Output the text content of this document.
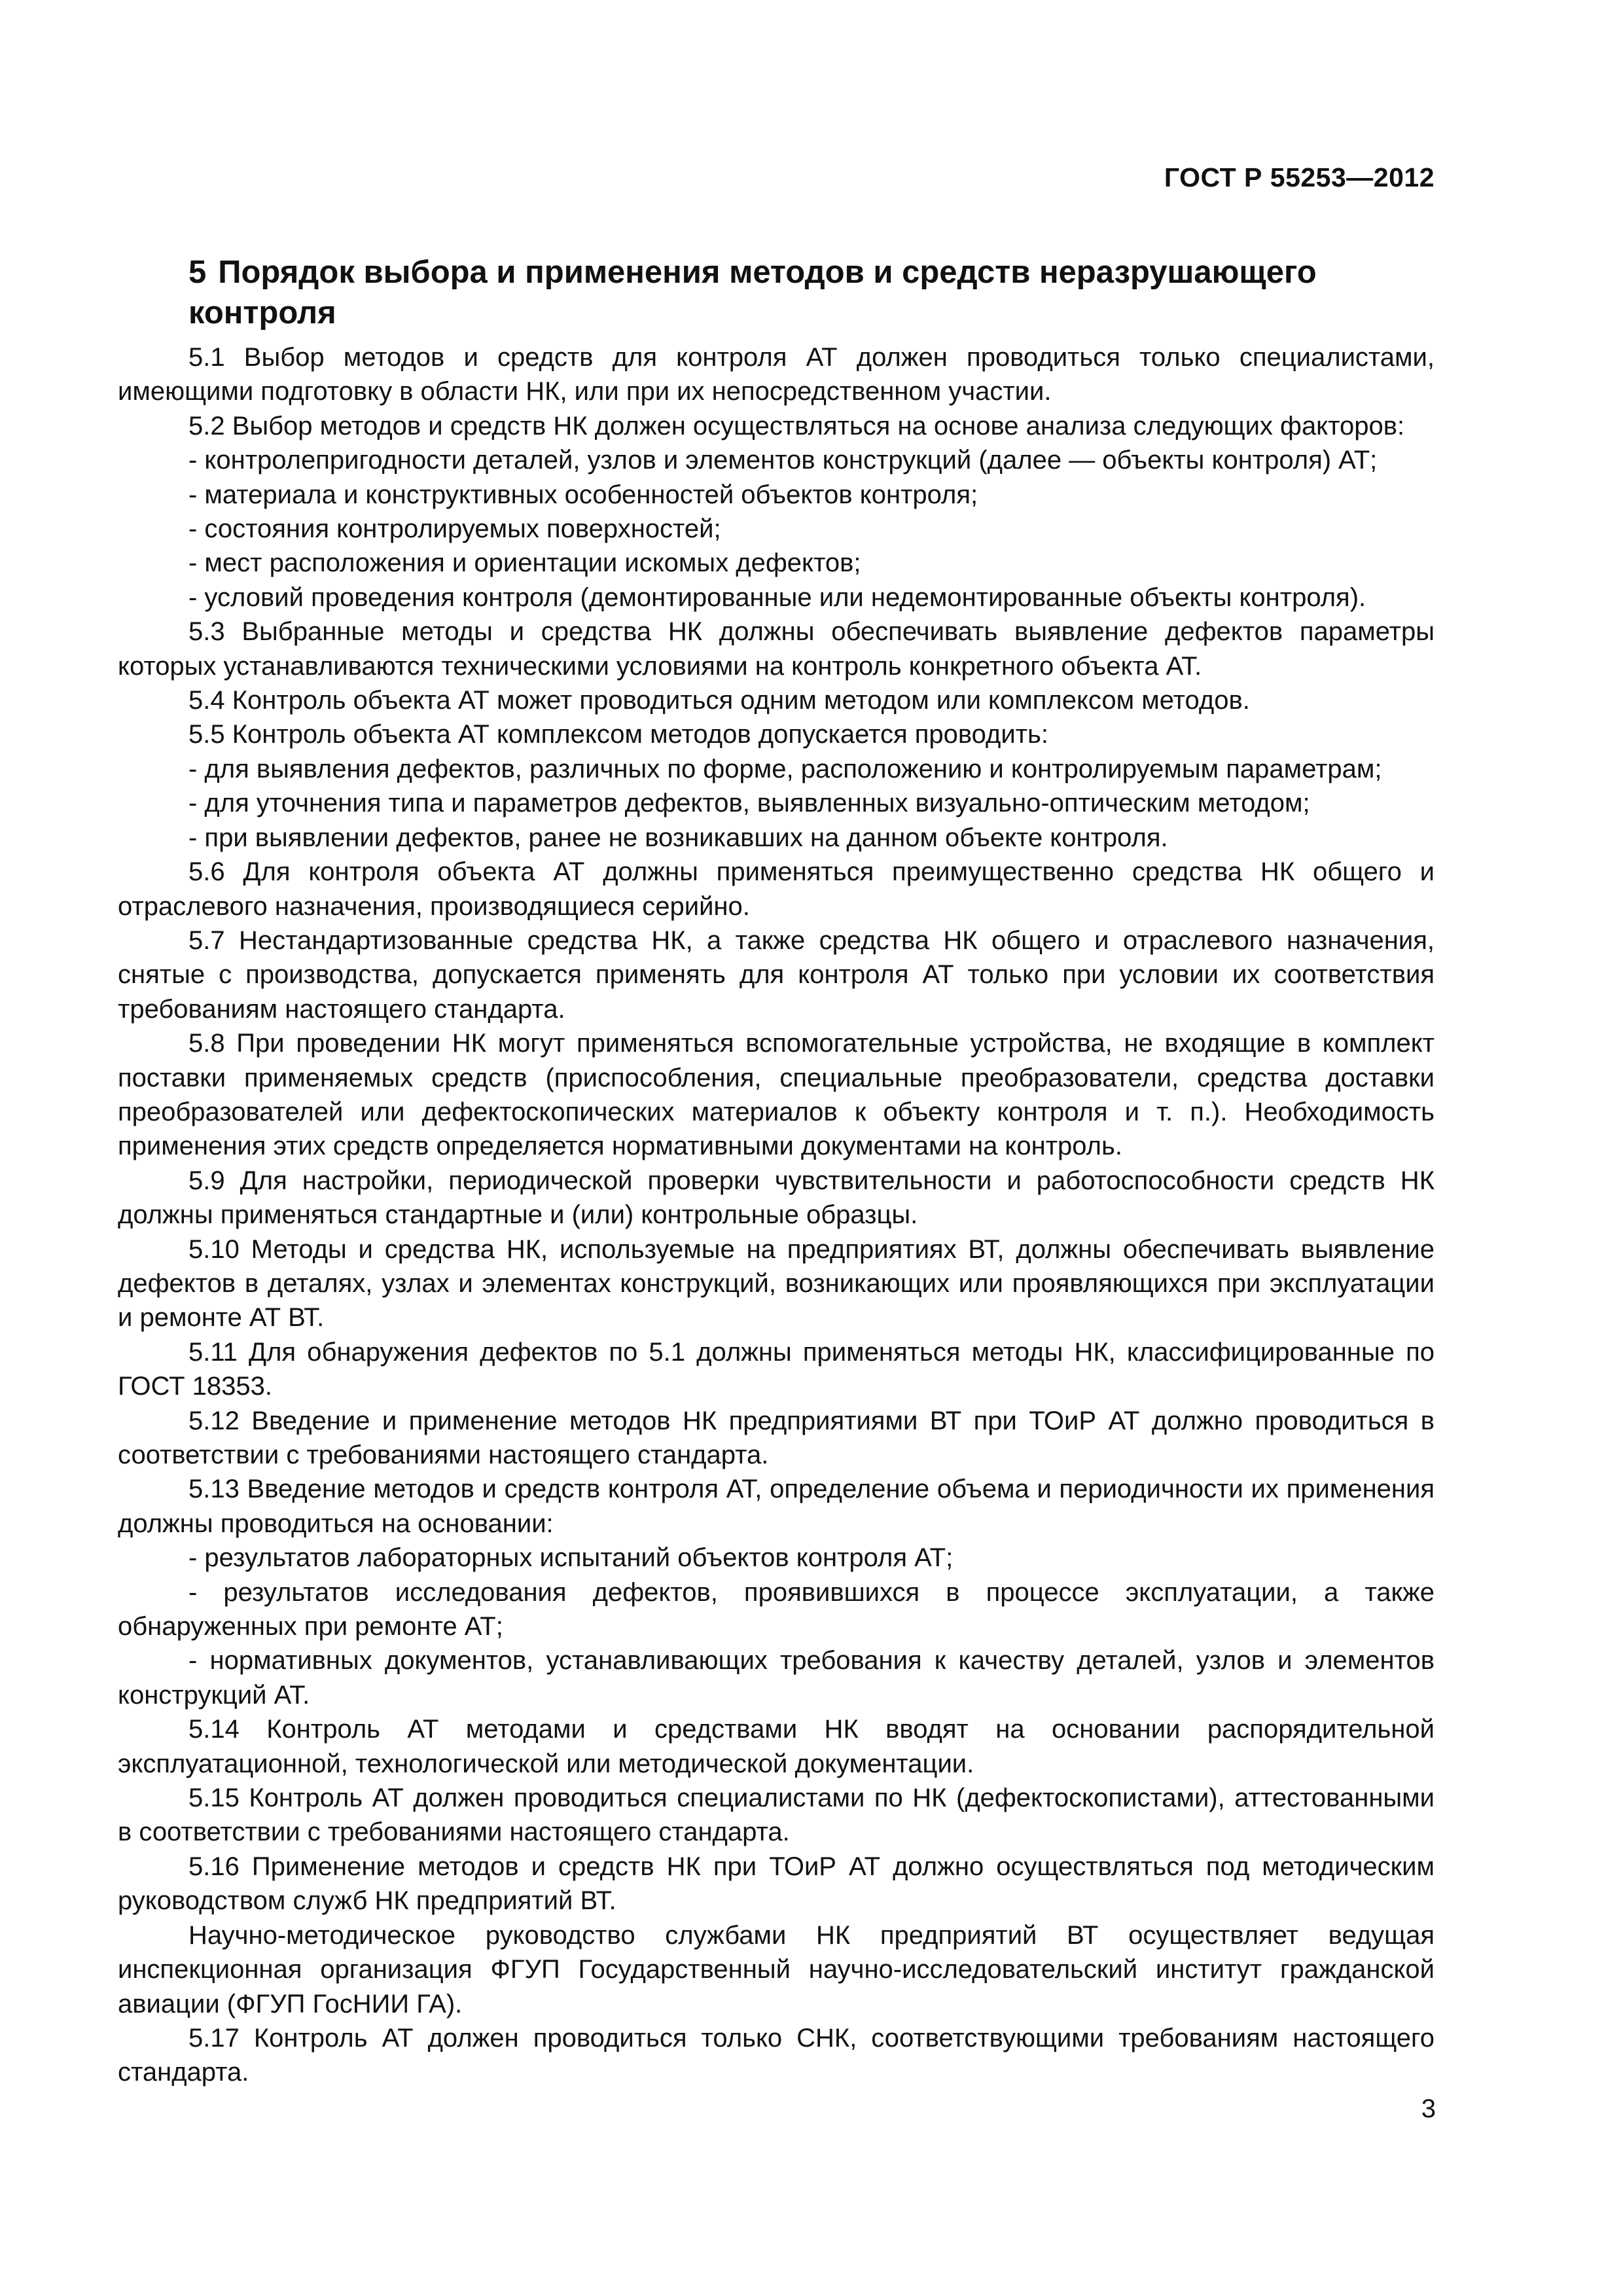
ГОСТ Р 55253—2012
5 Порядок выбора и применения методов и средств неразрушающего контроля

5.1 Выбор методов и средств для контроля АТ должен проводиться только специалистами, имеющими подготовку в области НК, или при их непосредственном участии.

5.2 Выбор методов и средств НК должен осуществляться на основе анализа следующих факторов:

- контролепригодности деталей, узлов и элементов конструкций (далее — объекты контроля) АТ;

- материала и конструктивных особенностей объектов контроля;

- состояния контролируемых поверхностей;

- мест расположения и ориентации искомых дефектов;

- условий проведения контроля (демонтированные или недемонтированные объекты контроля).

5.3 Выбранные методы и средства НК должны обеспечивать выявление дефектов параметры которых устанавливаются техническими условиями на контроль конкретного объекта АТ.

5.4 Контроль объекта АТ может проводиться одним методом или комплексом методов.

5.5 Контроль объекта АТ комплексом методов допускается проводить:

- для выявления дефектов, различных по форме, расположению и контролируемым параметрам;

- для уточнения типа и параметров дефектов, выявленных визуально-оптическим методом;

- при выявлении дефектов, ранее не возникавших на данном объекте контроля.

5.6 Для контроля объекта АТ должны применяться преимущественно средства НК общего и отраслевого назначения, производящиеся серийно.

5.7 Нестандартизованные средства НК, а также средства НК общего и отраслевого назначения, снятые с производства, допускается применять для контроля АТ только при условии их соответствия требованиям настоящего стандарта.

5.8 При проведении НК могут применяться вспомогательные устройства, не входящие в комплект поставки применяемых средств (приспособления, специальные преобразователи, средства доставки преобразователей или дефектоскопических материалов к объекту контроля и т. п.). Необходимость применения этих средств определяется нормативными документами на контроль.

5.9 Для настройки, периодической проверки чувствительности и работоспособности средств НК должны применяться стандартные и (или) контрольные образцы.

5.10 Методы и средства НК, используемые на предприятиях ВТ, должны обеспечивать выявление дефектов в деталях, узлах и элементах конструкций, возникающих или проявляющихся при эксплуатации и ремонте АТ ВТ.

5.11 Для обнаружения дефектов по 5.1 должны применяться методы НК, классифицированные по ГОСТ 18353.

5.12 Введение и применение методов НК предприятиями ВТ при ТОиР АТ должно проводиться в соответствии с требованиями настоящего стандарта.

5.13 Введение методов и средств контроля АТ, определение объема и периодичности их применения должны проводиться на основании:

- результатов лабораторных испытаний объектов контроля АТ;

- результатов исследования дефектов, проявившихся в процессе эксплуатации, а также обнаруженных при ремонте АТ;

- нормативных документов, устанавливающих требования к качеству деталей, узлов и элементов конструкций АТ.

5.14 Контроль АТ методами и средствами НК вводят на основании распорядительной эксплуатационной, технологической или методической документации.

5.15 Контроль АТ должен проводиться специалистами по НК (дефектоскопистами), аттестованными в соответствии с требованиями настоящего стандарта.

5.16 Применение методов и средств НК при ТОиР АТ должно осуществляться под методическим руководством служб НК предприятий ВТ.

Научно-методическое руководство службами НК предприятий ВТ осуществляет ведущая инспекционная организация ФГУП Государственный научно-исследовательский институт гражданской авиации (ФГУП ГосНИИ ГА).

5.17 Контроль АТ должен проводиться только СНК, соответствующими требованиям настоящего стандарта.

3
